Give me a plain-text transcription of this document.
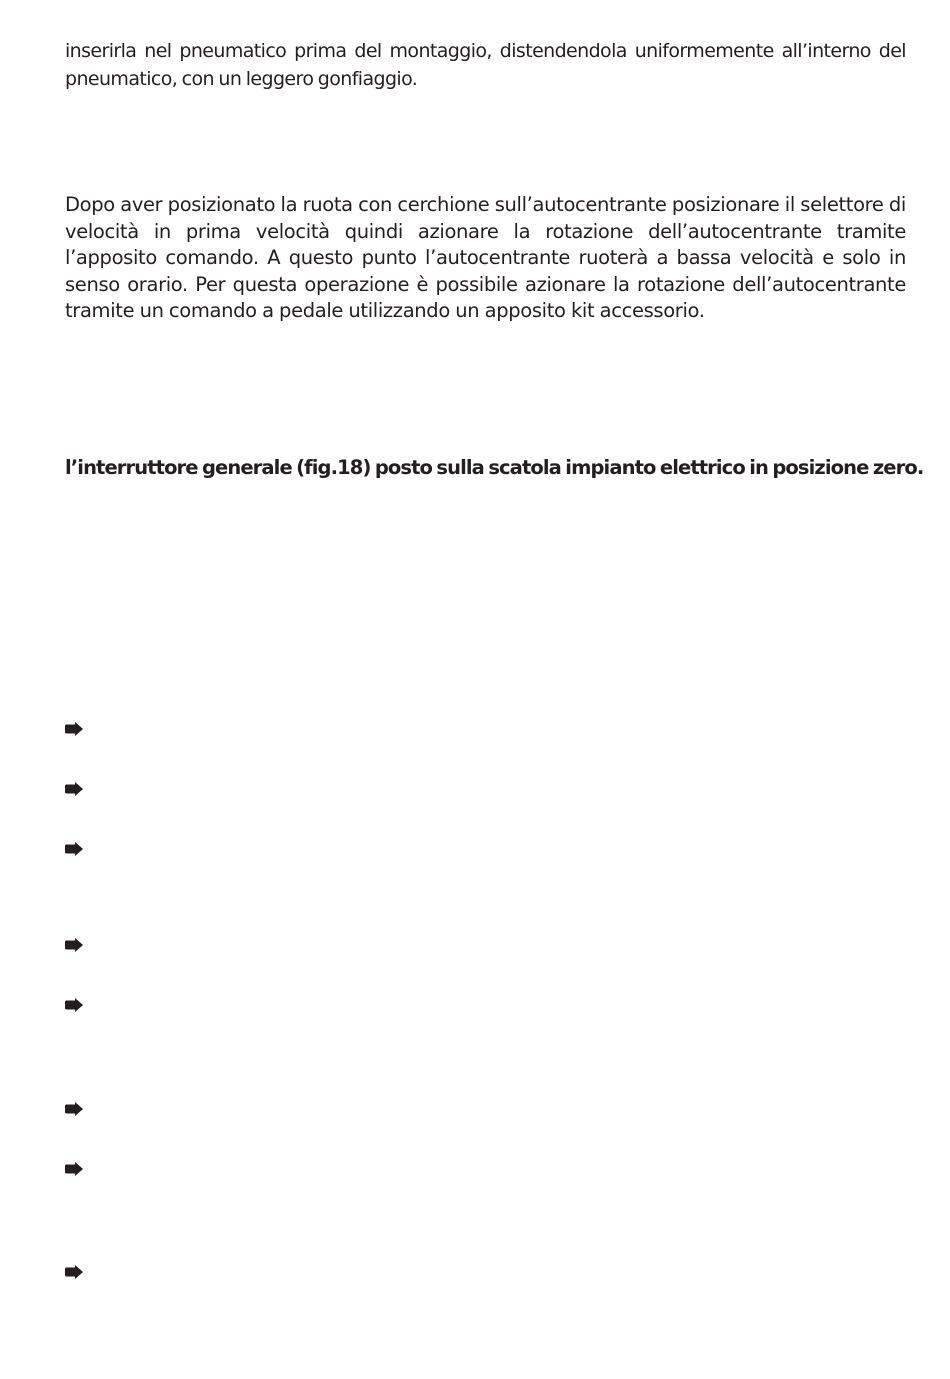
inserirla nel pneumatico prima del montaggio, distendendola uniformemente all’interno del pneumatico, con un leggero gonfiaggio.

Dopo aver posizionato la ruota con cerchione sull’autocentrante posizionare il selettore di velocità in prima velocità quindi azionare la rotazione dell’autocentrante tramite l’apposito comando. A questo punto l’autocentrante ruoterà a bassa velocità e solo in senso orario. Per questa operazione è possibile azionare la rotazione dell’autocentrante tramite un comando a pedale utilizzando un apposito kit accessorio.

l’interruttore generale (fig.18) posto sulla scatola impianto elettrico in posizione zero.
